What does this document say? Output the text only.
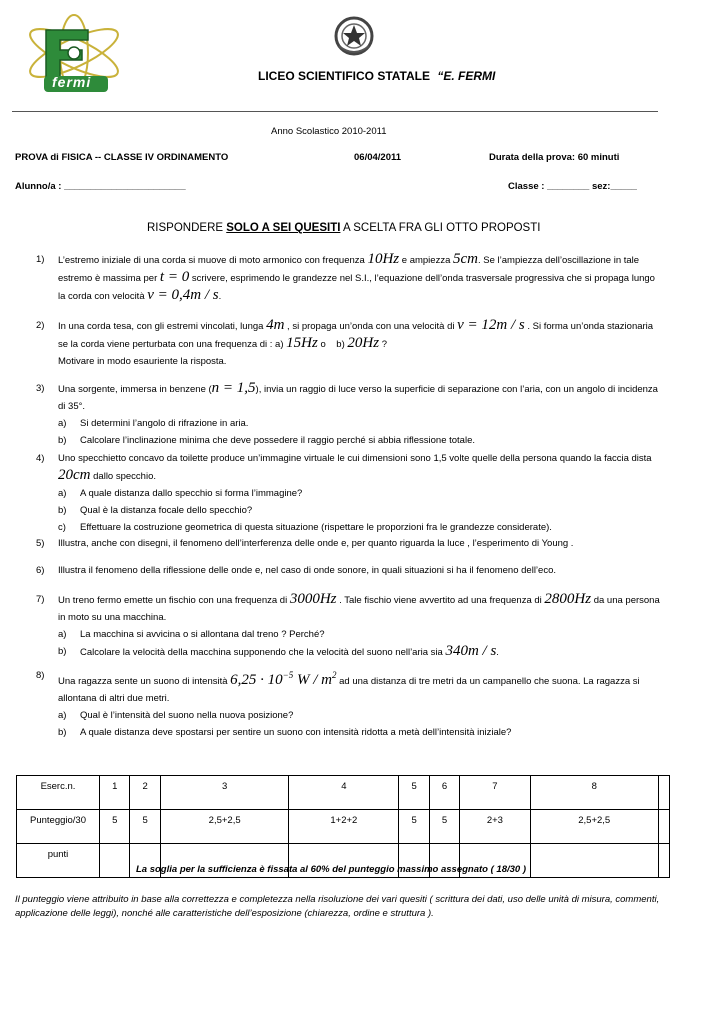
fermi	LICEO SCIENTIFICO STATALE “E. FERMI
Anno Scolastico 2010-2011
PROVA di FISICA -- CLASSE IV ORDINAMENTO	06/04/2011	Durata della prova: 60 minuti
Alunno/a : _______________________	Classe : ________ sez:_____
RISPONDERE SOLO A SEI QUESITI A SCELTA FRA GLI OTTO PROPOSTI
1) L’estremo iniziale di una corda si muove di moto armonico con frequenza 10Hz e ampiezza 5cm. Se l’ampiezza dell’oscillazione in tale estremo è massima per t = 0 scrivere, esprimendo le grandezze nel S.I., l’equazione dell’onda trasversale progressiva che si propaga lungo la corda con velocità v = 0,4m / s.
2) In una corda tesa, con gli estremi vincolati, lunga 4m , si propaga un’onda con una velocità di v = 12m / s . Si forma un’onda stazionaria se la corda viene perturbata con una frequenza di : a) 15Hz o    b) 20Hz ?
Motivare in modo esauriente la risposta.
3) Una sorgente, immersa in benzene (n = 1,5), invia un raggio di luce verso la superficie di separazione con l’aria, con un angolo di incidenza di 35°.
a) Si determini l’angolo di rifrazione in aria.
b) Calcolare l’inclinazione minima che deve possedere il raggio perché si abbia riflessione totale.
4) Uno specchietto concavo da toilette produce un’immagine virtuale le cui dimensioni sono 1,5 volte quelle della persona quando la faccia dista 20cm dallo specchio.
a) A quale distanza dallo specchio si forma l’immagine?
b) Qual è la distanza focale dello specchio?
c) Effettuare la costruzione geometrica di questa situazione (rispettare le proporzioni fra le grandezze considerate).
5) Illustra, anche con disegni, il fenomeno dell’interferenza delle onde e, per quanto riguarda la luce , l’esperimento di Young .
6) Illustra il fenomeno della riflessione delle onde e, nel caso di onde sonore, in quali situazioni si ha il fenomeno dell’eco.
7) Un treno fermo emette un fischio con una frequenza di 3000Hz . Tale fischio viene avvertito ad una frequenza di 2800Hz da una persona in moto su una macchina.
a) La macchina si avvicina o si allontana dal treno ? Perché?
b) Calcolare la velocità della macchina supponendo che la velocità del suono nell’aria sia 340m / s.
8)
Una ragazza sente un suono di intensità $6,25 \cdot 10^{-5}$ W / $m^2$ ad una distanza di tre metri da un campanello che suona. La ragazza si allontana di altri due metri.
a) Qual è l’intensità del suono nella nuova posizione?
b) A quale distanza deve spostarsi per sentire un suono con intensità ridotta a metà dell’intensità iniziale?
Eserc.n.	1	2	3	4	5	6	7	8	
Punteggio/30	5	5	2,5+2,5	1+2+2	5	5	2+3	2,5+2,5	
punti									
La soglia per la sufficienza è fissata al 60% del punteggio massimo assegnato ( 18/30 )
Il punteggio viene attribuito in base alla correttezza e completezza nella risoluzione dei vari quesiti ( scrittura dei dati, uso delle unità di misura, commenti, applicazione delle leggi), nonché alle caratteristiche dell’esposizione (chiarezza, ordine e struttura ).
